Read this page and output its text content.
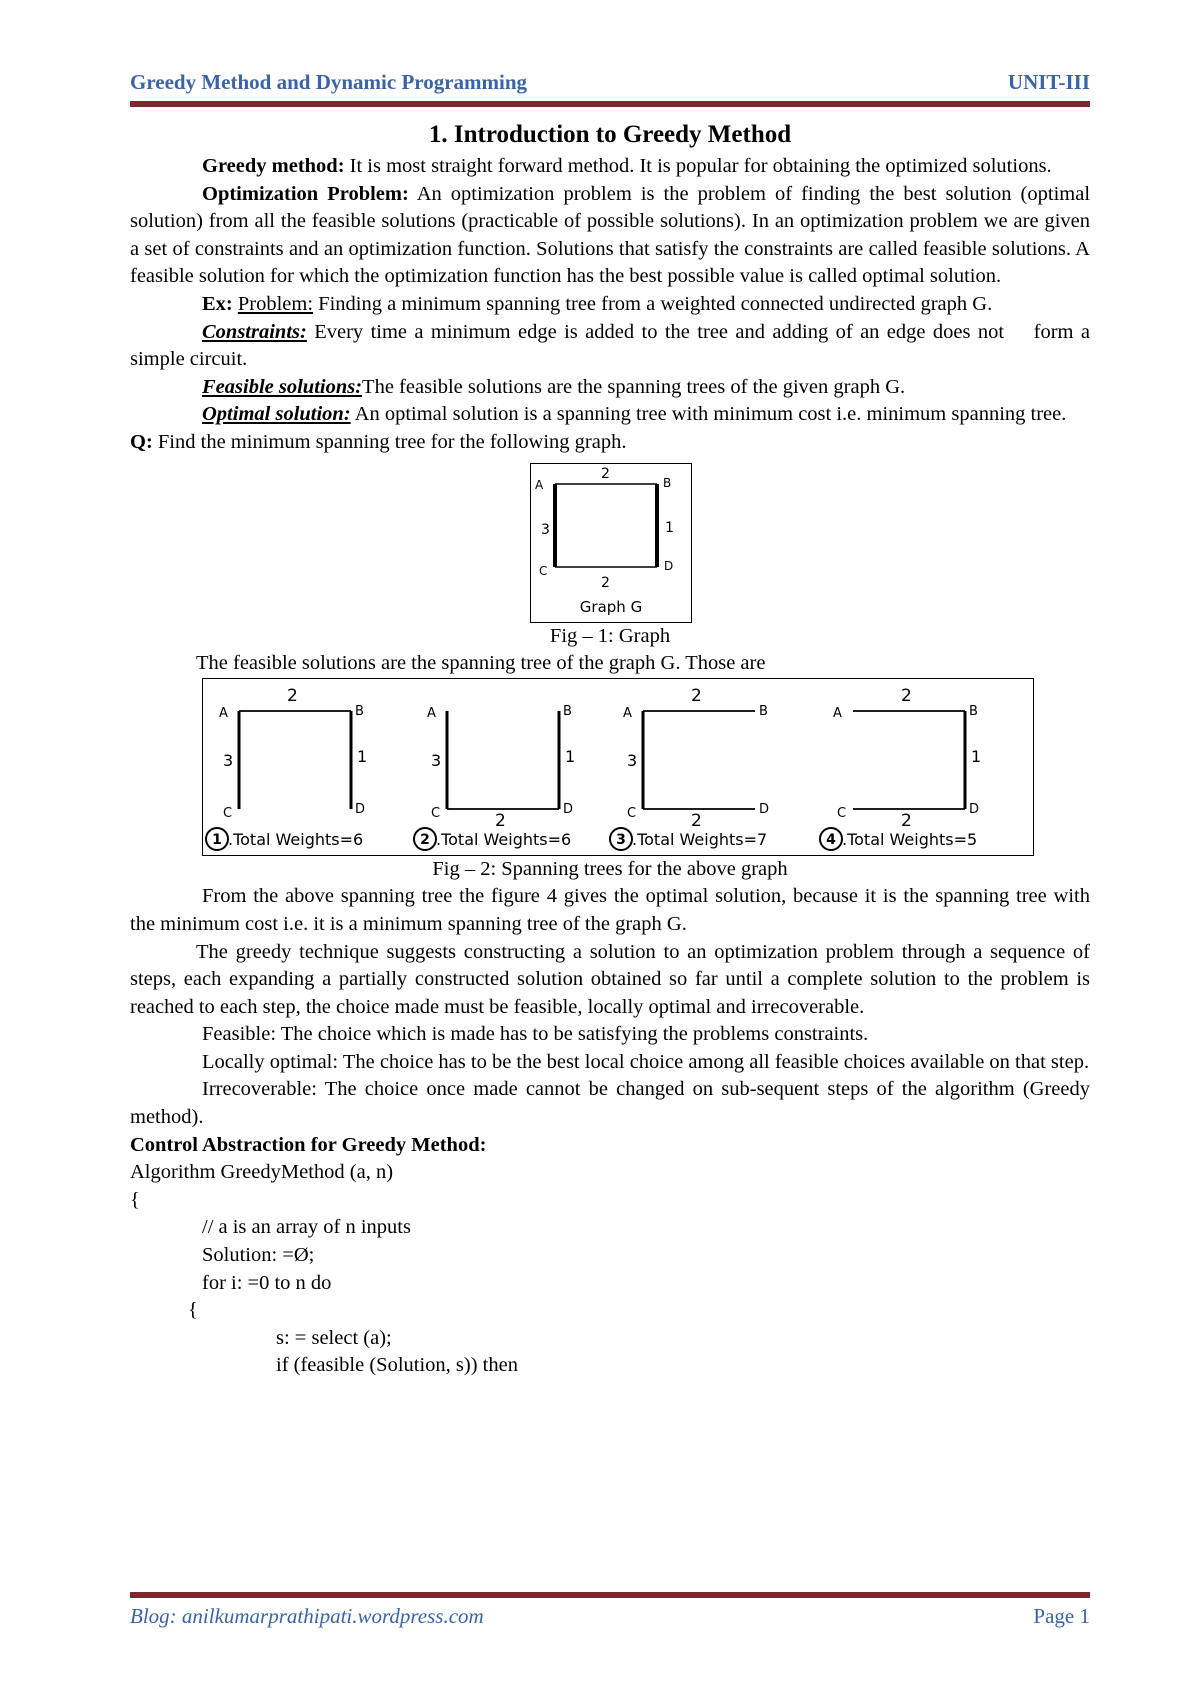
Greedy Method and Dynamic Programming	UNIT-III
1. Introduction to Greedy Method

Greedy method: It is most straight forward method. It is popular for obtaining the optimized solutions.

Optimization Problem: An optimization problem is the problem of finding the best solution (optimal solution) from all the feasible solutions (practicable of possible solutions). In an optimization problem we are given a set of constraints and an optimization function. Solutions that satisfy the constraints are called feasible solutions. A feasible solution for which the optimization function has the best possible value is called optimal solution.

Ex: Problem: Finding a minimum spanning tree from a weighted connected undirected graph G.

Constraints: Every time a minimum edge is added to the tree and adding of an edge does not    form a simple circuit.

Feasible solutions:The feasible solutions are the spanning trees of the given graph G.

Optimal solution: An optimal solution is a spanning tree with minimum cost i.e. minimum spanning tree.

Q: Find the minimum spanning tree for the following graph.

A	B
C	D
2
1
2
3
Graph G
Fig – 1: Graph

The feasible solutions are the spanning tree of the graph G. Those are

2
3	1
A	B
C	D
1 .Total Weights=6
3
2
1
A	B
C	D
2 .Total Weights=6
2
3
2
A	B
C	D
3 .Total Weights=7
2
1
2
A	B
C	D
4 .Total Weights=5
Fig – 2: Spanning trees for the above graph

From the above spanning tree the figure 4 gives the optimal solution, because it is the spanning tree with the minimum cost i.e. it is a minimum spanning tree of the graph G.

The greedy technique suggests constructing a solution to an optimization problem through a sequence of steps, each expanding a partially constructed solution obtained so far until a complete solution to the problem is reached to each step, the choice made must be feasible, locally optimal and irrecoverable.

Feasible: The choice which is made has to be satisfying the problems constraints.

Locally optimal: The choice has to be the best local choice among all feasible choices available on that step.

Irrecoverable: The choice once made cannot be changed on sub-sequent steps of the algorithm (Greedy method).

Control Abstraction for Greedy Method:

Algorithm GreedyMethod (a, n)
{
// a is an array of n inputs
Solution: =Ø;
for i: =0 to n do
{
s: = select (a);
if (feasible (Solution, s)) then
Blog: anilkumarprathipati.wordpress.com	Page 1
